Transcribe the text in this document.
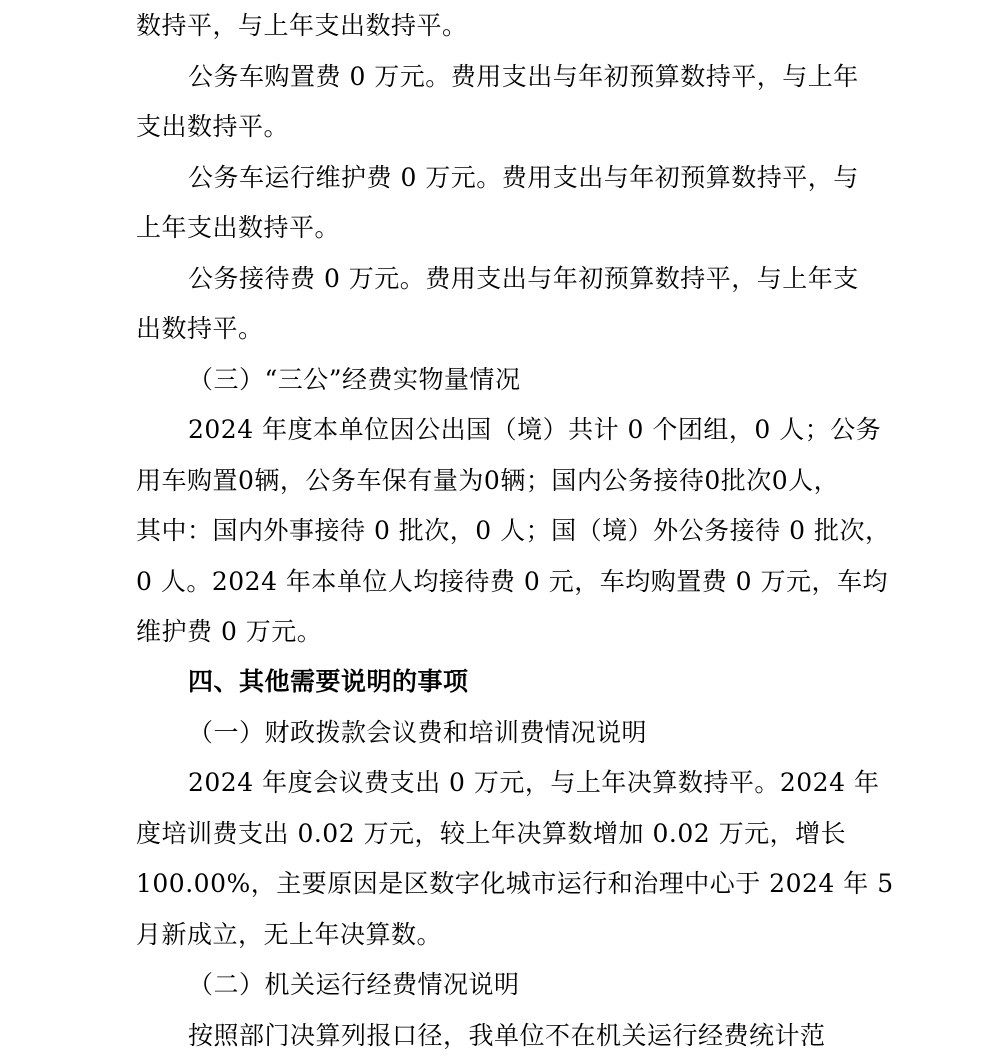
数持平，与上年支出数持平。
公务车购置费 0 万元。费用支出与年初预算数持平，与上年
支出数持平。
公务车运行维护费 0 万元。费用支出与年初预算数持平，与
上年支出数持平。
公务接待费 0 万元。费用支出与年初预算数持平，与上年支
出数持平。
（三）“三公”经费实物量情况
2024 年度本单位因公出国（境）共计 0 个团组，0 人；公务
用车购置0辆，公务车保有量为0辆；国内公务接待0批次0人，
其中：国内外事接待 0 批次，0 人；国（境）外公务接待 0 批次，
0 人。2024 年本单位人均接待费 0 元，车均购置费 0 万元，车均
维护费 0 万元。
四、其他需要说明的事项
（一）财政拨款会议费和培训费情况说明
2024 年度会议费支出 0 万元，与上年决算数持平。2024 年
度培训费支出 0.02 万元，较上年决算数增加 0.02 万元，增长
100.00%，主要原因是区数字化城市运行和治理中心于 2024 年 5
月新成立，无上年决算数。
（二）机关运行经费情况说明
按照部门决算列报口径，我单位不在机关运行经费统计范
